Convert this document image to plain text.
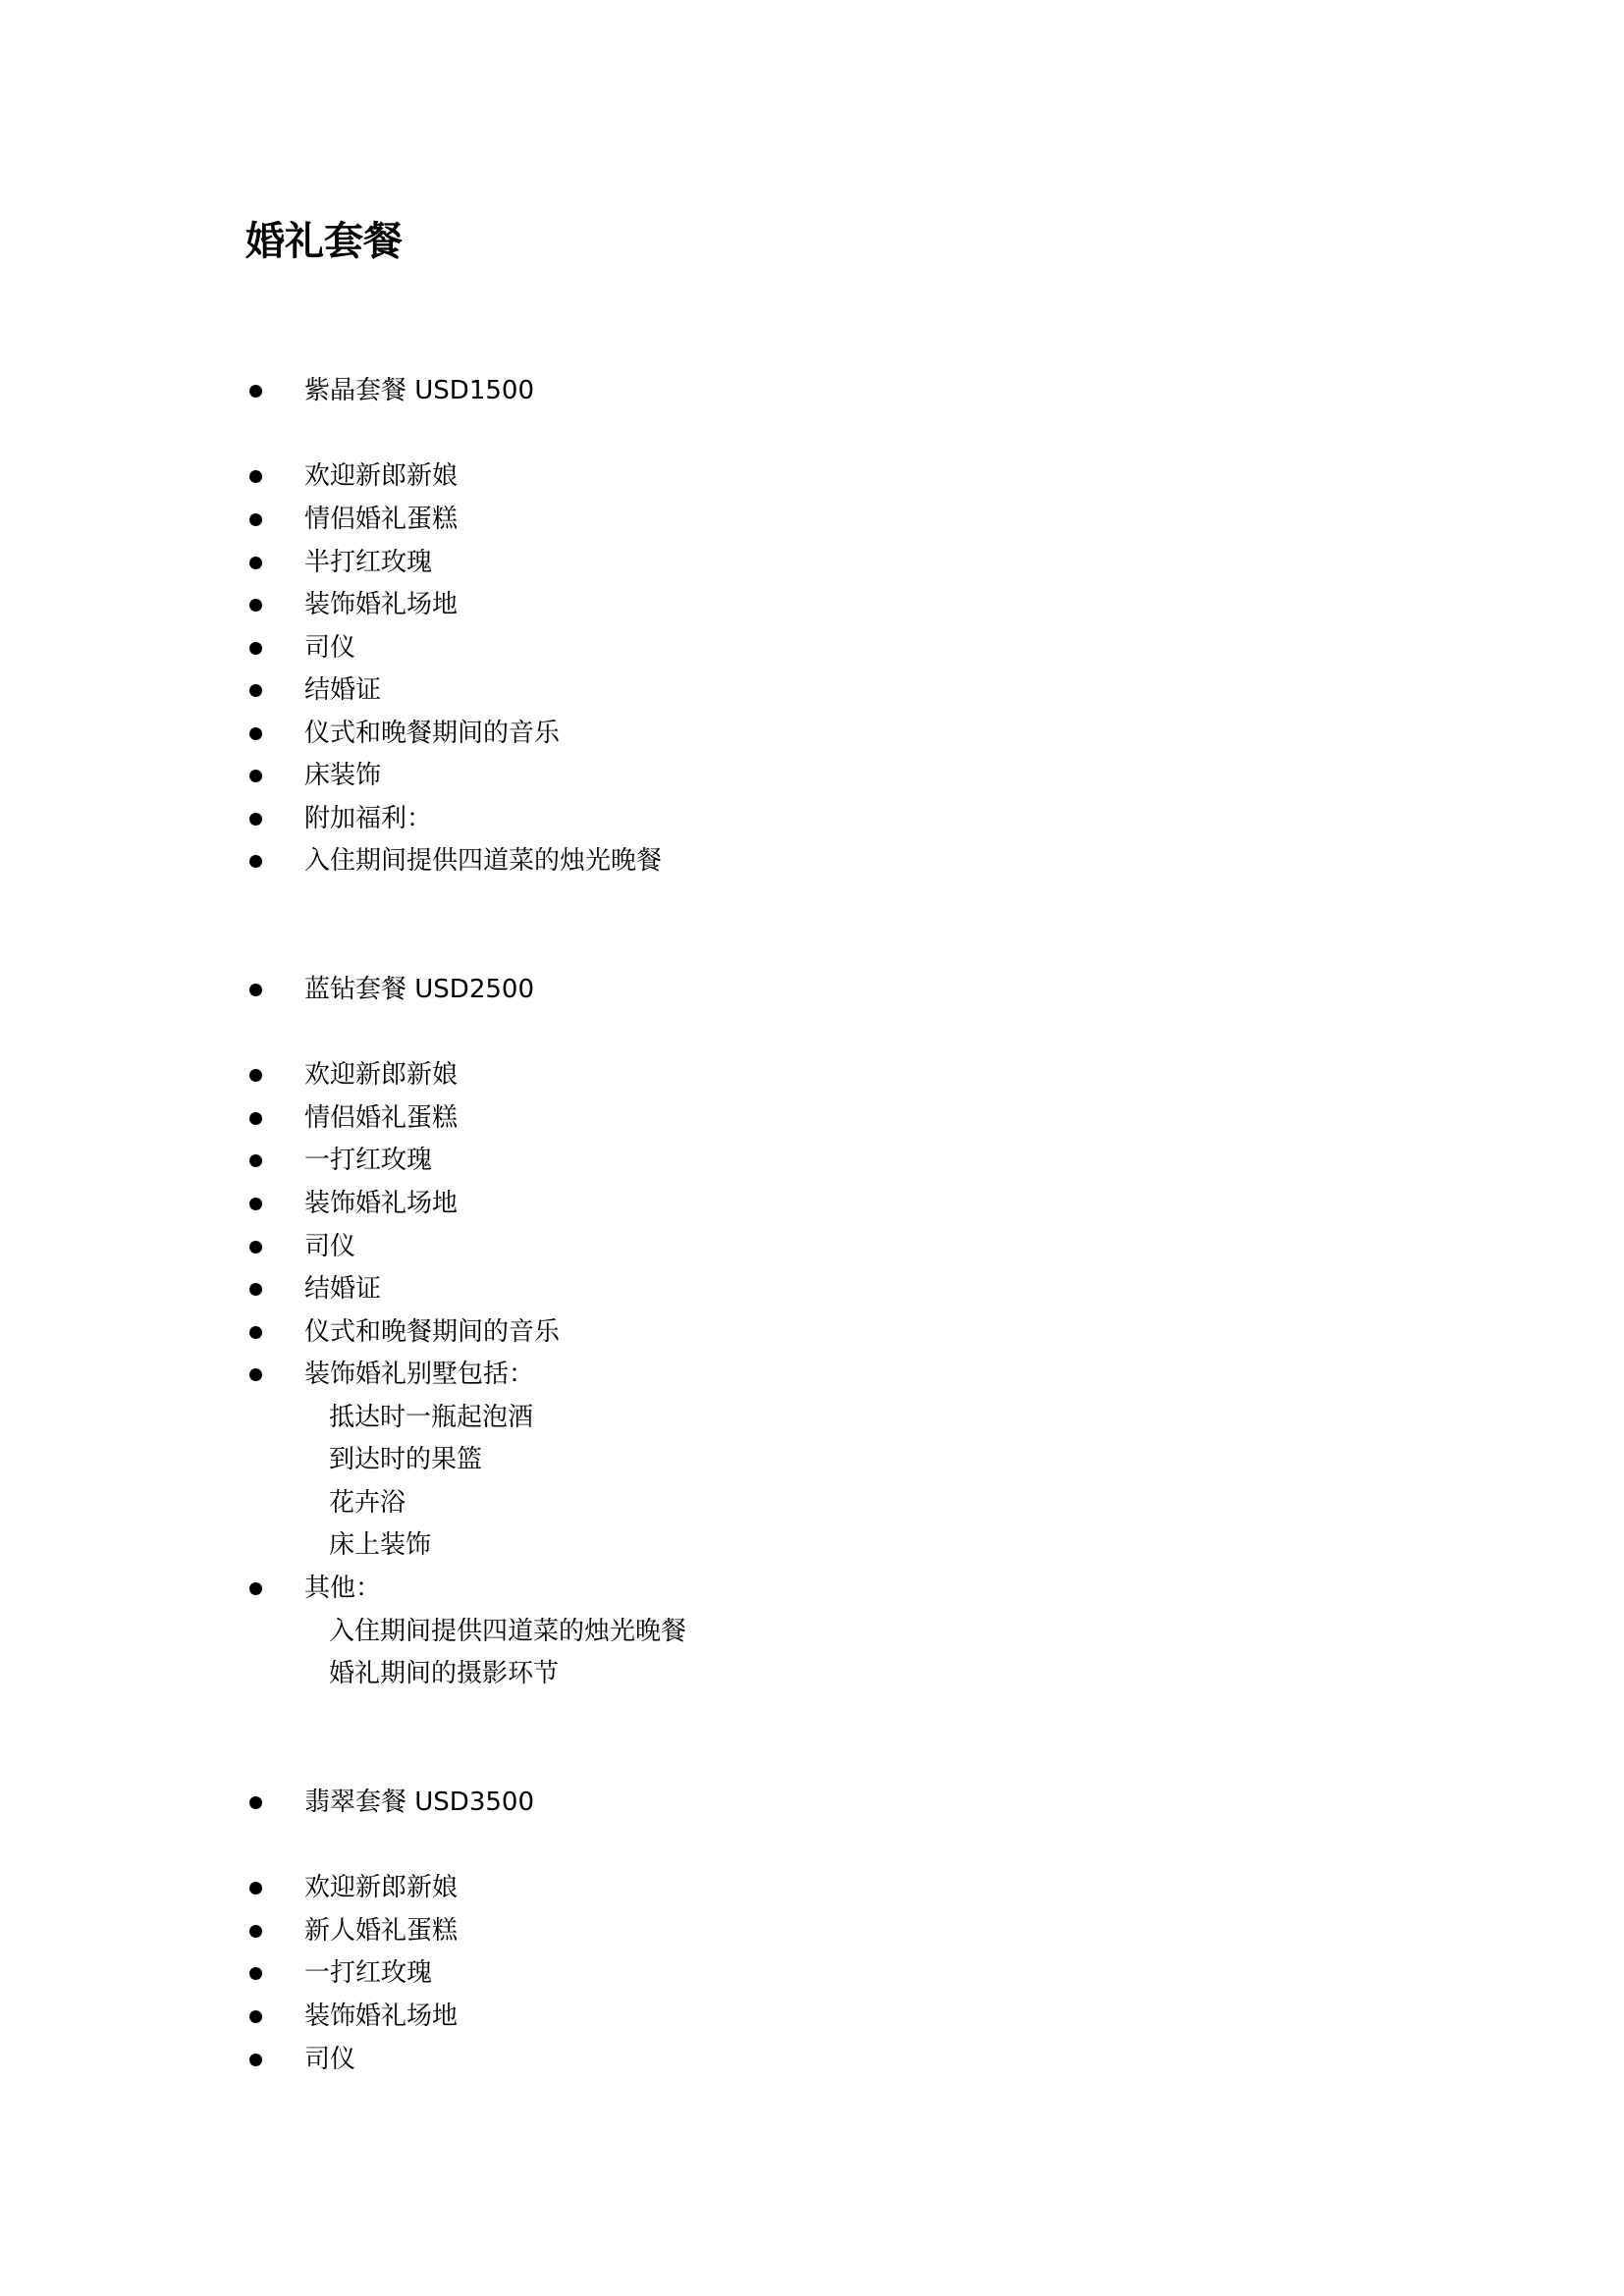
婚礼套餐
紫晶套餐 USD1500
欢迎新郎新娘
情侣婚礼蛋糕
半打红玫瑰
装饰婚礼场地
司仪
结婚证
仪式和晚餐期间的音乐
床装饰
附加福利：
入住期间提供四道菜的烛光晚餐
蓝钻套餐 USD2500
欢迎新郎新娘
情侣婚礼蛋糕
一打红玫瑰
装饰婚礼场地
司仪
结婚证
仪式和晚餐期间的音乐
装饰婚礼别墅包括：
抵达时一瓶起泡酒
到达时的果篮
花卉浴
床上装饰
其他：
入住期间提供四道菜的烛光晚餐
婚礼期间的摄影环节
翡翠套餐 USD3500
欢迎新郎新娘
新人婚礼蛋糕
一打红玫瑰
装饰婚礼场地
司仪
